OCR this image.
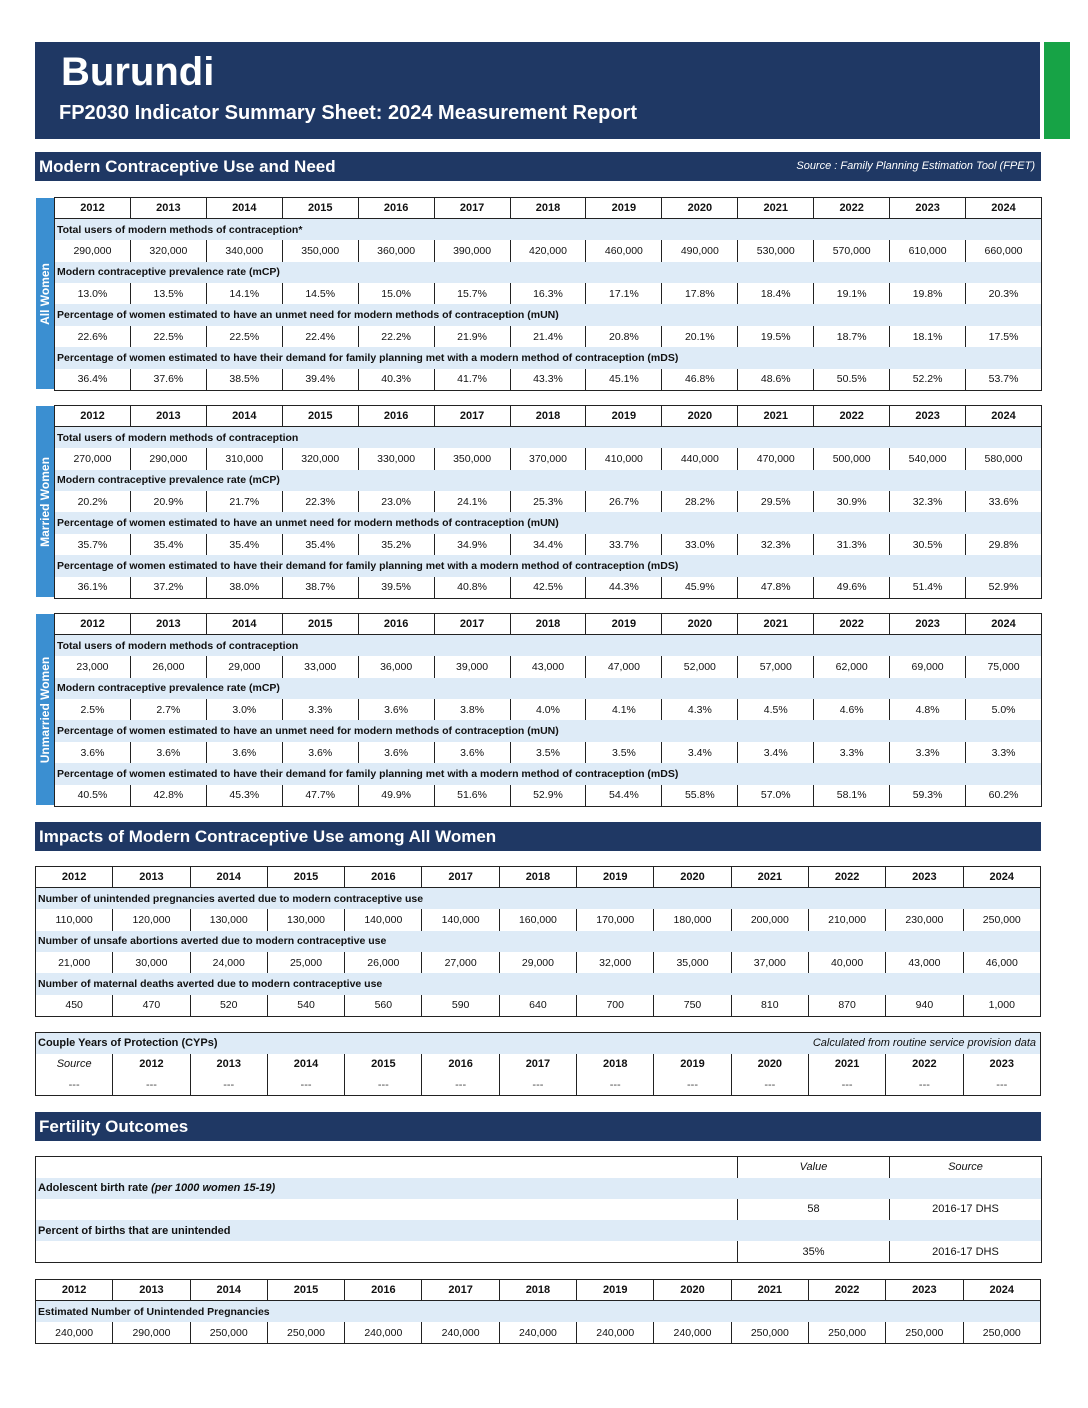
Burundi
FP2030 Indicator Summary Sheet: 2024 Measurement Report
Modern Contraceptive Use and Need	Source : Family Planning Estimation Tool (FPET)
All Women
2012	2013	2014	2015	2016	2017	2018	2019	2020	2021	2022	2023	2024
Total users of modern methods of contraception*												
290,000	320,000	340,000	350,000	360,000	390,000	420,000	460,000	490,000	530,000	570,000	610,000	660,000
Modern contraceptive prevalence rate (mCP)												
13.0%	13.5%	14.1%	14.5%	15.0%	15.7%	16.3%	17.1%	17.8%	18.4%	19.1%	19.8%	20.3%
Percentage of women estimated to have an unmet need for modern methods of contraception (mUN)												
22.6%	22.5%	22.5%	22.4%	22.2%	21.9%	21.4%	20.8%	20.1%	19.5%	18.7%	18.1%	17.5%
Percentage of women estimated to have their demand for family planning met with a modern method of contraception (mDS)												
36.4%	37.6%	38.5%	39.4%	40.3%	41.7%	43.3%	45.1%	46.8%	48.6%	50.5%	52.2%	53.7%
Married Women
2012	2013	2014	2015	2016	2017	2018	2019	2020	2021	2022	2023	2024
Total users of modern methods of contraception												
270,000	290,000	310,000	320,000	330,000	350,000	370,000	410,000	440,000	470,000	500,000	540,000	580,000
Modern contraceptive prevalence rate (mCP)												
20.2%	20.9%	21.7%	22.3%	23.0%	24.1%	25.3%	26.7%	28.2%	29.5%	30.9%	32.3%	33.6%
Percentage of women estimated to have an unmet need for modern methods of contraception (mUN)												
35.7%	35.4%	35.4%	35.4%	35.2%	34.9%	34.4%	33.7%	33.0%	32.3%	31.3%	30.5%	29.8%
Percentage of women estimated to have their demand for family planning met with a modern method of contraception (mDS)												
36.1%	37.2%	38.0%	38.7%	39.5%	40.8%	42.5%	44.3%	45.9%	47.8%	49.6%	51.4%	52.9%
Unmarried Women
2012	2013	2014	2015	2016	2017	2018	2019	2020	2021	2022	2023	2024
Total users of modern methods of contraception												
23,000	26,000	29,000	33,000	36,000	39,000	43,000	47,000	52,000	57,000	62,000	69,000	75,000
Modern contraceptive prevalence rate (mCP)												
2.5%	2.7%	3.0%	3.3%	3.6%	3.8%	4.0%	4.1%	4.3%	4.5%	4.6%	4.8%	5.0%
Percentage of women estimated to have an unmet need for modern methods of contraception (mUN)												
3.6%	3.6%	3.6%	3.6%	3.6%	3.6%	3.5%	3.5%	3.4%	3.4%	3.3%	3.3%	3.3%
Percentage of women estimated to have their demand for family planning met with a modern method of contraception (mDS)												
40.5%	42.8%	45.3%	47.7%	49.9%	51.6%	52.9%	54.4%	55.8%	57.0%	58.1%	59.3%	60.2%
Impacts of Modern Contraceptive Use among All Women
2012	2013	2014	2015	2016	2017	2018	2019	2020	2021	2022	2023	2024
Number of unintended pregnancies averted due to modern contraceptive use												
110,000	120,000	130,000	130,000	140,000	140,000	160,000	170,000	180,000	200,000	210,000	230,000	250,000
Number of unsafe abortions averted due to modern contraceptive use												
21,000	30,000	24,000	25,000	26,000	27,000	29,000	32,000	35,000	37,000	40,000	43,000	46,000
Number of maternal deaths averted due to modern contraceptive use												
450	470	520	540	560	590	640	700	750	810	870	940	1,000
Couple Years of Protection (CYPs)							Calculated from routine service provision data					
Source	2012	2013	2014	2015	2016	2017	2018	2019	2020	2021	2022	2023
---	---	---	---	---	---	---	---	---	---	---	---	---
Fertility Outcomes
	Value	Source
Adolescent birth rate (per 1000 women 15-19)		
	58	2016-17 DHS
Percent of births that are unintended		
	35%	2016-17 DHS
2012	2013	2014	2015	2016	2017	2018	2019	2020	2021	2022	2023	2024
Estimated Number of Unintended Pregnancies												
240,000	290,000	250,000	250,000	240,000	240,000	240,000	240,000	240,000	250,000	250,000	250,000	250,000
